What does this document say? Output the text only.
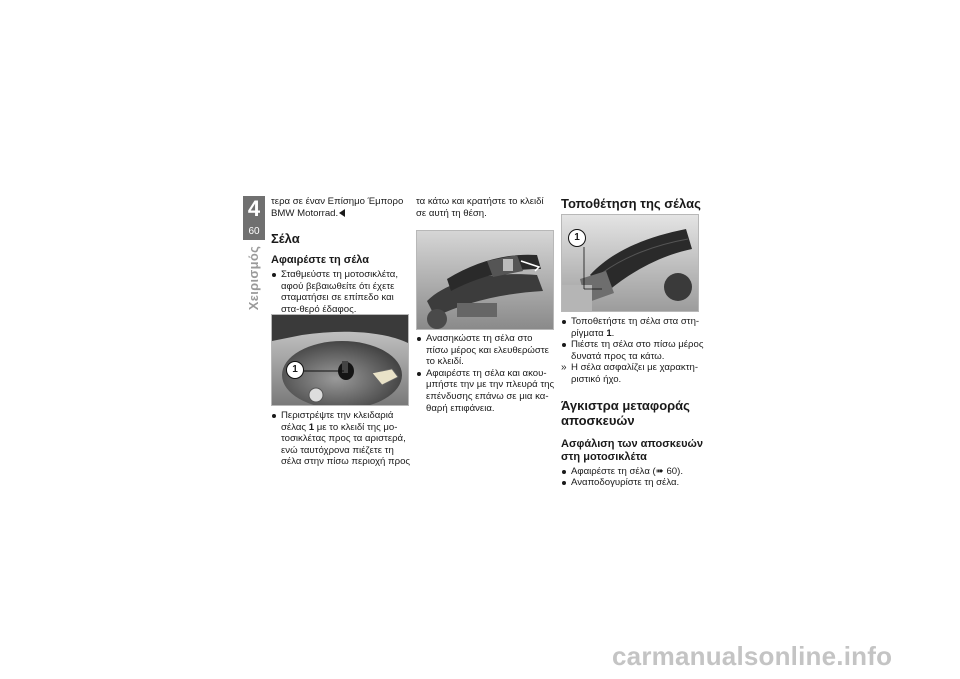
4
60
Χειρισμός

τερα σε έναν Επίσημο Έμπορο BMW Motorrad.

Σέλα
Αφαιρέστε τη σέλα
Σταθμεύστε τη μοτοσικλέτα, αφού βεβαιωθείτε ότι έχετε σταματήσει σε επίπεδο και στα-θερό έδαφος.
1
Περιστρέψτε την κλειδαριά σέλας 1 με το κλειδί της μο-τοσικλέτας προς τα αριστερά, ενώ ταυτόχρονα πιέζετε τη σέλα στην πίσω περιοχή προς

τα κάτω και κρατήστε το κλειδί σε αυτή τη θέση.

Ανασηκώστε τη σέλα στο πίσω μέρος και ελευθερώστε το κλειδί.
Αφαιρέστε τη σέλα και ακου-μπήστε την με την πλευρά της επένδυσης επάνω σε μια κα-θαρή επιφάνεια.
Τοποθέτηση της σέλας
1
Τοποθετήστε τη σέλα στα στη-ρίγματα 1.
Πιέστε τη σέλα στο πίσω μέρος δυνατά προς τα κάτω.
» Η σέλα ασφαλίζει με χαρακτη-ριστικό ήχο.
Άγκιστρα μεταφοράς αποσκευών
Ασφάλιση των αποσκευών στη μοτοσικλέτα
Αφαιρέστε τη σέλα (➠ 60).
Αναποδογυρίστε τη σέλα.
carmanualsonline.info
